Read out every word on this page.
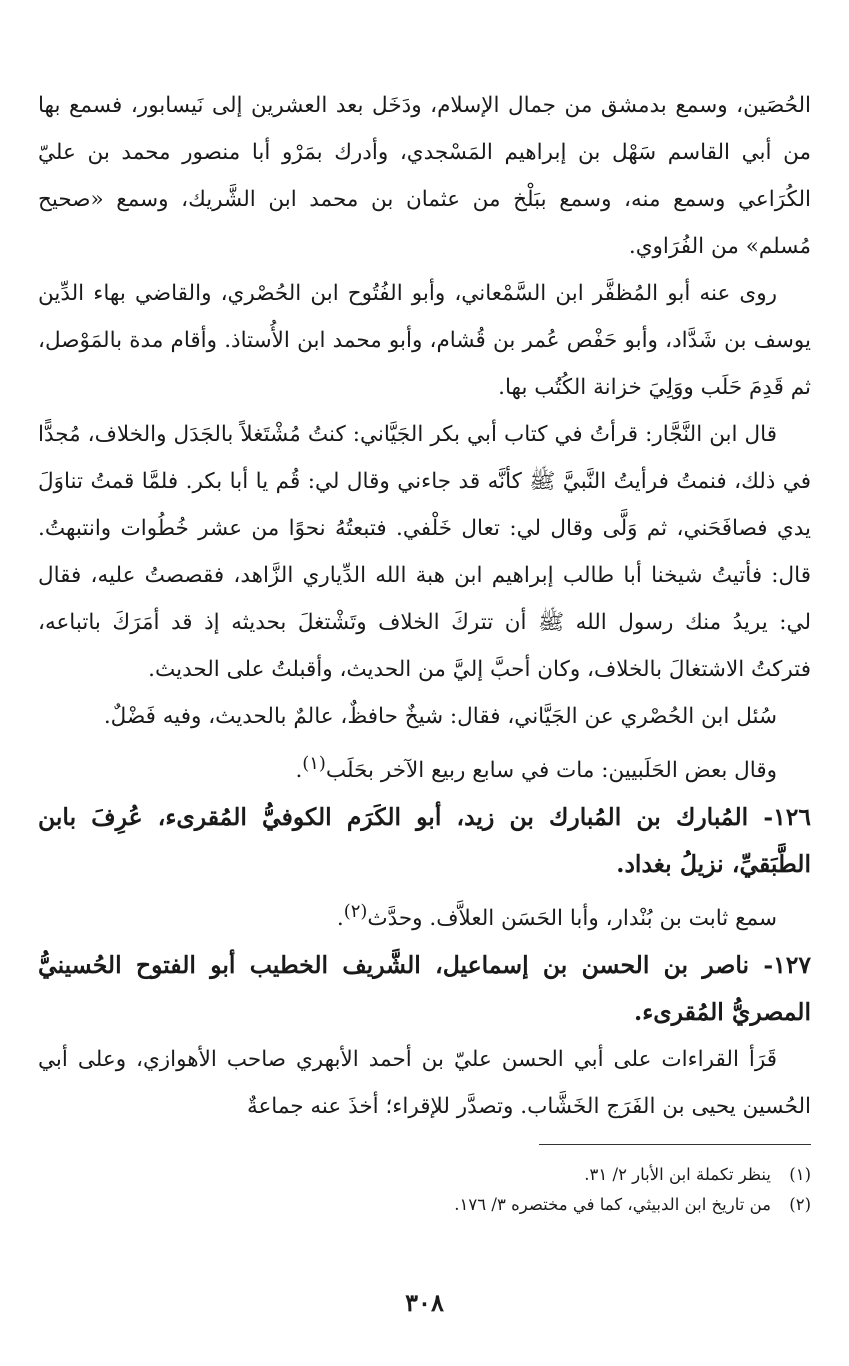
الحُصَين، وسمع بدمشق من جمال الإسلام، ودَخَل بعد العشرين إلى نَيسابور، فسمع بها من أبي القاسم سَهْل بن إبراهيم المَسْجدي، وأدرك بمَرْو أبا منصور محمد بن عليّ الكُرَاعي وسمع منه، وسمع ببَلْخ من عثمان بن محمد ابن الشَّريك، وسمع «صحيح مُسلم» من الفُرَاوي.

روى عنه أبو المُظفَّر ابن السَّمْعاني، وأبو الفُتُوح ابن الحُصْري، والقاضي بهاء الدِّين يوسف بن شَدَّاد، وأبو حَفْص عُمر بن قُشام، وأبو محمد ابن الأُستاذ. وأقام مدة بالمَوْصل، ثم قَدِمَ حَلَب ووَلِيَ خزانة الكُتُب بها.

قال ابن النَّجَّار: قرأتُ في كتاب أبي بكر الجَيَّاني: كنتُ مُشْتَغلاً بالجَدَل والخلاف، مُجدًّا في ذلك، فنمتُ فرأيتُ النَّبيَّ ﷺ كأنَّه قد جاءني وقال لي: قُم يا أبا بكر. فلمَّا قمتُ تناوَلَ يدي فصافَحَني، ثم وَلَّى وقال لي: تعال خَلْفي. فتبعتُهُ نحوًا من عشر خُطُوات وانتبهتُ. قال: فأتيتُ شيخنا أبا طالب إبراهيم ابن هبة الله الدِّياري الزَّاهد، فقصصتُ عليه، فقال لي: يريدُ منك رسول الله ﷺ أن تتركَ الخلاف وتَشْتغلَ بحديثه إذ قد أمَرَكَ باتباعه، فتركتُ الاشتغالَ بالخلاف، وكان أحبَّ إليَّ من الحديث، وأقبلتُ على الحديث.

سُئل ابن الحُصْري عن الجَيَّاني، فقال: شيخٌ حافظٌ، عالمٌ بالحديث، وفيه فَضْلٌ.

وقال بعض الحَلَبيين: مات في سابع ربيع الآخر بحَلَب$^{(١)}$.

١٢٦- المُبارك بن المُبارك بن زيد، أبو الكَرَم الكوفيُّ المُقرىء، عُرِفَ بابن الطَّبَقيِّ، نزيلُ بغداد.

سمع ثابت بن بُنْدار، وأبا الحَسَن العلاَّف. وحدَّث$^{(٢)}$.

١٢٧- ناصر بن الحسن بن إسماعيل، الشَّريف الخطيب أبو الفتوح الحُسينيُّ المصريُّ المُقرىء.

قَرَأ القراءات على أبي الحسن عليّ بن أحمد الأبهري صاحب الأهوازي، وعلى أبي الحُسين يحيى بن الفَرَج الخَشَّاب. وتصدَّر للإقراء؛ أخذَ عنه جماعةٌ

(١)ينظر تكملة ابن الأبار ٢/ ٣١.

(٢)من تاريخ ابن الدبيثي، كما في مختصره ٣/ ١٧٦.

٣٠٨
